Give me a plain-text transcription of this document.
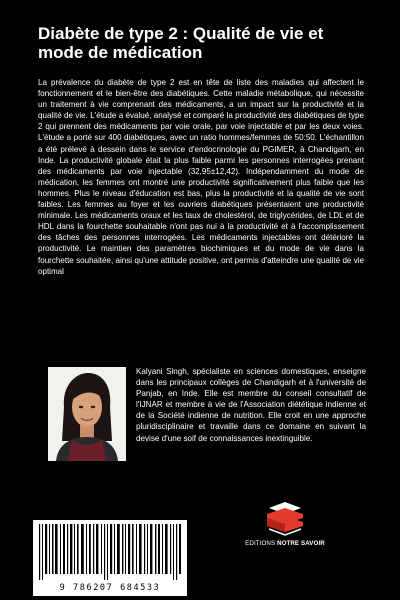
Diabète de type 2 : Qualité de vie et mode de médication

La prévalence du diabète de type 2 est en tête de liste des maladies qui affectent le fonctionnement et le bien-être des diabétiques. Cette maladie métabolique, qui nécessite un traitement à vie comprenant des médicaments, a un impact sur la productivité et la qualité de vie. L'étude a évalué, analysé et comparé la productivité des diabétiques de type 2 qui prennent des médicaments par voie orale, par voie injectable et par les deux voies. L'étude a porté sur 400 diabétiques, avec un ratio hommes/femmes de 50:50. L'échantillon a été prélevé à dessein dans le service d'endocrinologie du PGIMER, à Chandigarh, en Inde. La productivité globale était la plus faible parmi les personnes interrogées prenant des médicaments par voie injectable (32,95±12,42). Indépendamment du mode de médication, les femmes ont montré une productivité significativement plus faible que les hommes. Plus le niveau d'éducation est bas, plus la productivité et la qualité de vie sont faibles. Les femmes au foyer et les ouvriers diabétiques présentaient une productivité minimale. Les médicaments oraux et les taux de cholestérol, de triglycérides, de LDL et de HDL dans la fourchette souhaitable n'ont pas nui à la productivité et à l'accomplissement des tâches des personnes interrogées. Les médicaments injectables ont détérioré la productivité. Le maintien des paramètres biochimiques et du mode de vie dans la fourchette souhaitée, ainsi qu'une attitude positive, ont permis d'atteindre une qualité de vie optimal

Kalyani Singh, spécialiste en sciences domestiques, enseigne dans les principaux collèges de Chandigarh et à l'université de Panjab, en Inde. Elle est membre du conseil consultatif de l'IJNAR et membre à vie de l'Association diététique indienne et de la Société indienne de nutrition. Elle croit en une approche pluridisciplinaire et travaille dans ce domaine en suivant la devise d'une soif de connaissances inextinguible.

EDITIONS NOTRE SAVOIR
9 786207 684533
